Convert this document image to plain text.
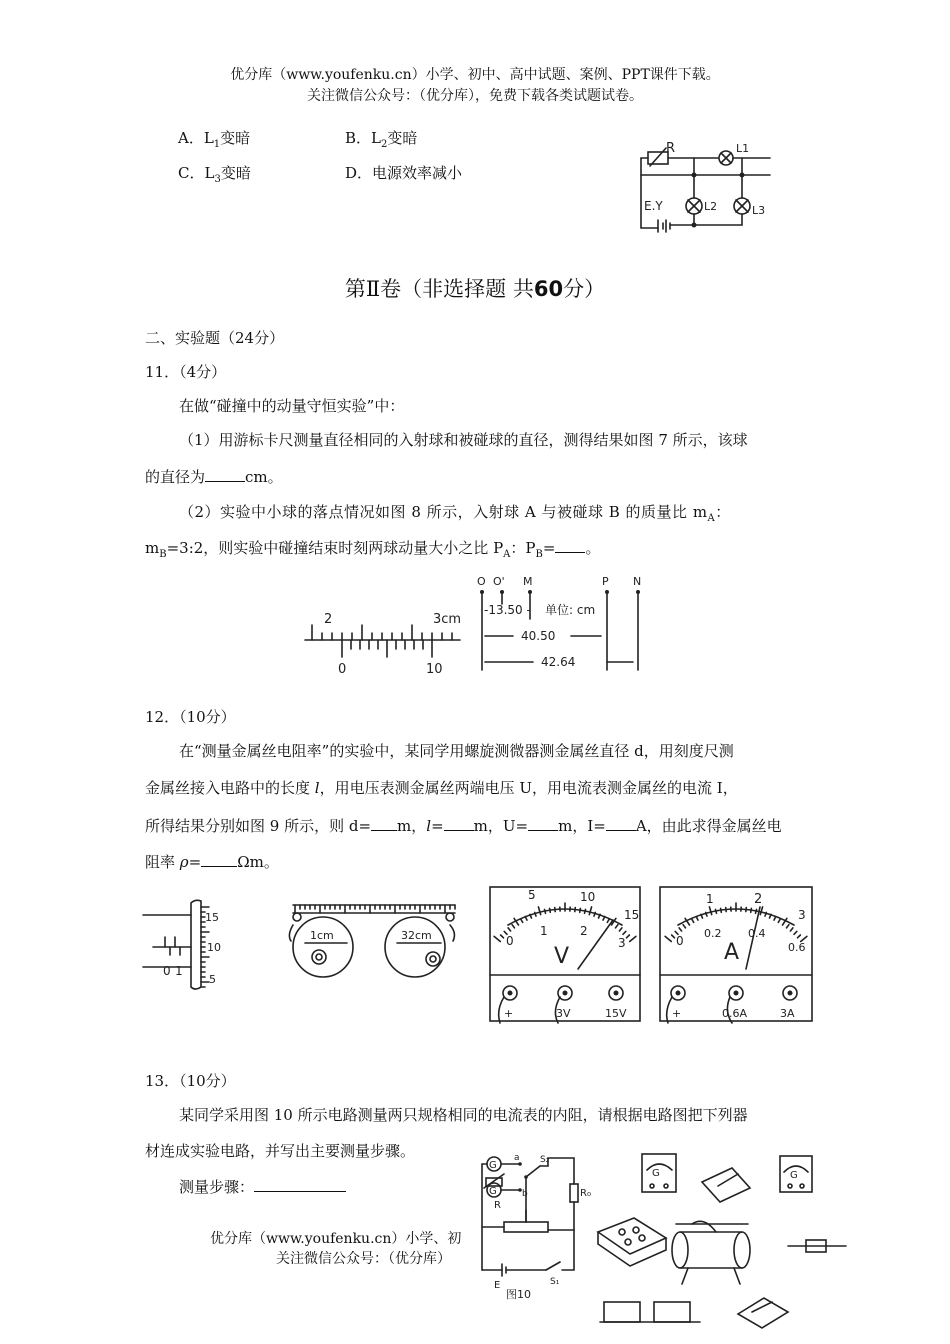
优分库（www.youfenku.cn）小学、初中、高中试题、案例、PPT课件下载。
关注微信公众号：（优分库），免费下载各类试题试卷。
A．$L_1$变暗	B．$L_2$变暗
C．$L_3$变暗	D．电源效率减小
R	L1
E.Y	L2	L3
第Ⅱ卷（非选择题 共60分）
二、实验题（24分）
11．（4分）
在做“碰撞中的动量守恒实验”中：
（1）用游标卡尺测量直径相同的入射球和被碰球的直径，测得结果如图 7 所示，该球
的直径为	cm。
（2）实验中小球的落点情况如图 8 所示，入射球 A 与被碰球 B 的质量比 $m_A$：
$m_B=3:2$，则实验中碰撞结束时刻两球动量大小之比 $P_A$：$P_B=$ 。
2	3cm
0	10
O O' M	P N
-13.50 - 单位: cm
40.50
42.64
12．（10分）
在“测量金属丝电阻率”的实验中，某同学用螺旋测微器测金属丝直径 d，用刻度尺测
金属丝接入电路中的长度 l，用电压表测金属丝两端电压 U，用电流表测金属丝的电流 I，
所得结果分别如图 9 所示，则 d= m，l= m，U= m，I= A，由此求得金属丝电
阻率 ρ= Ωm。
15
10
5
0 1
1cm	32cm
5	10
15
0
1	2
3
V
+	3V	15V
1	2
3
0
0.2 0.4
0.6
A
+	0.6A	3A
13．（10分）
某同学采用图 10 所示电路测量两只规格相同的电流表的内阻，请根据电路图把下列器
材连成实验电路，并写出主要测量步骤。
测量步骤：
优分库（www.youfenku.cn）小学、初
关注微信公众号：（优分库）
G
G
a
b
S₂
R
R₀
E	S₁
图10
G	G
